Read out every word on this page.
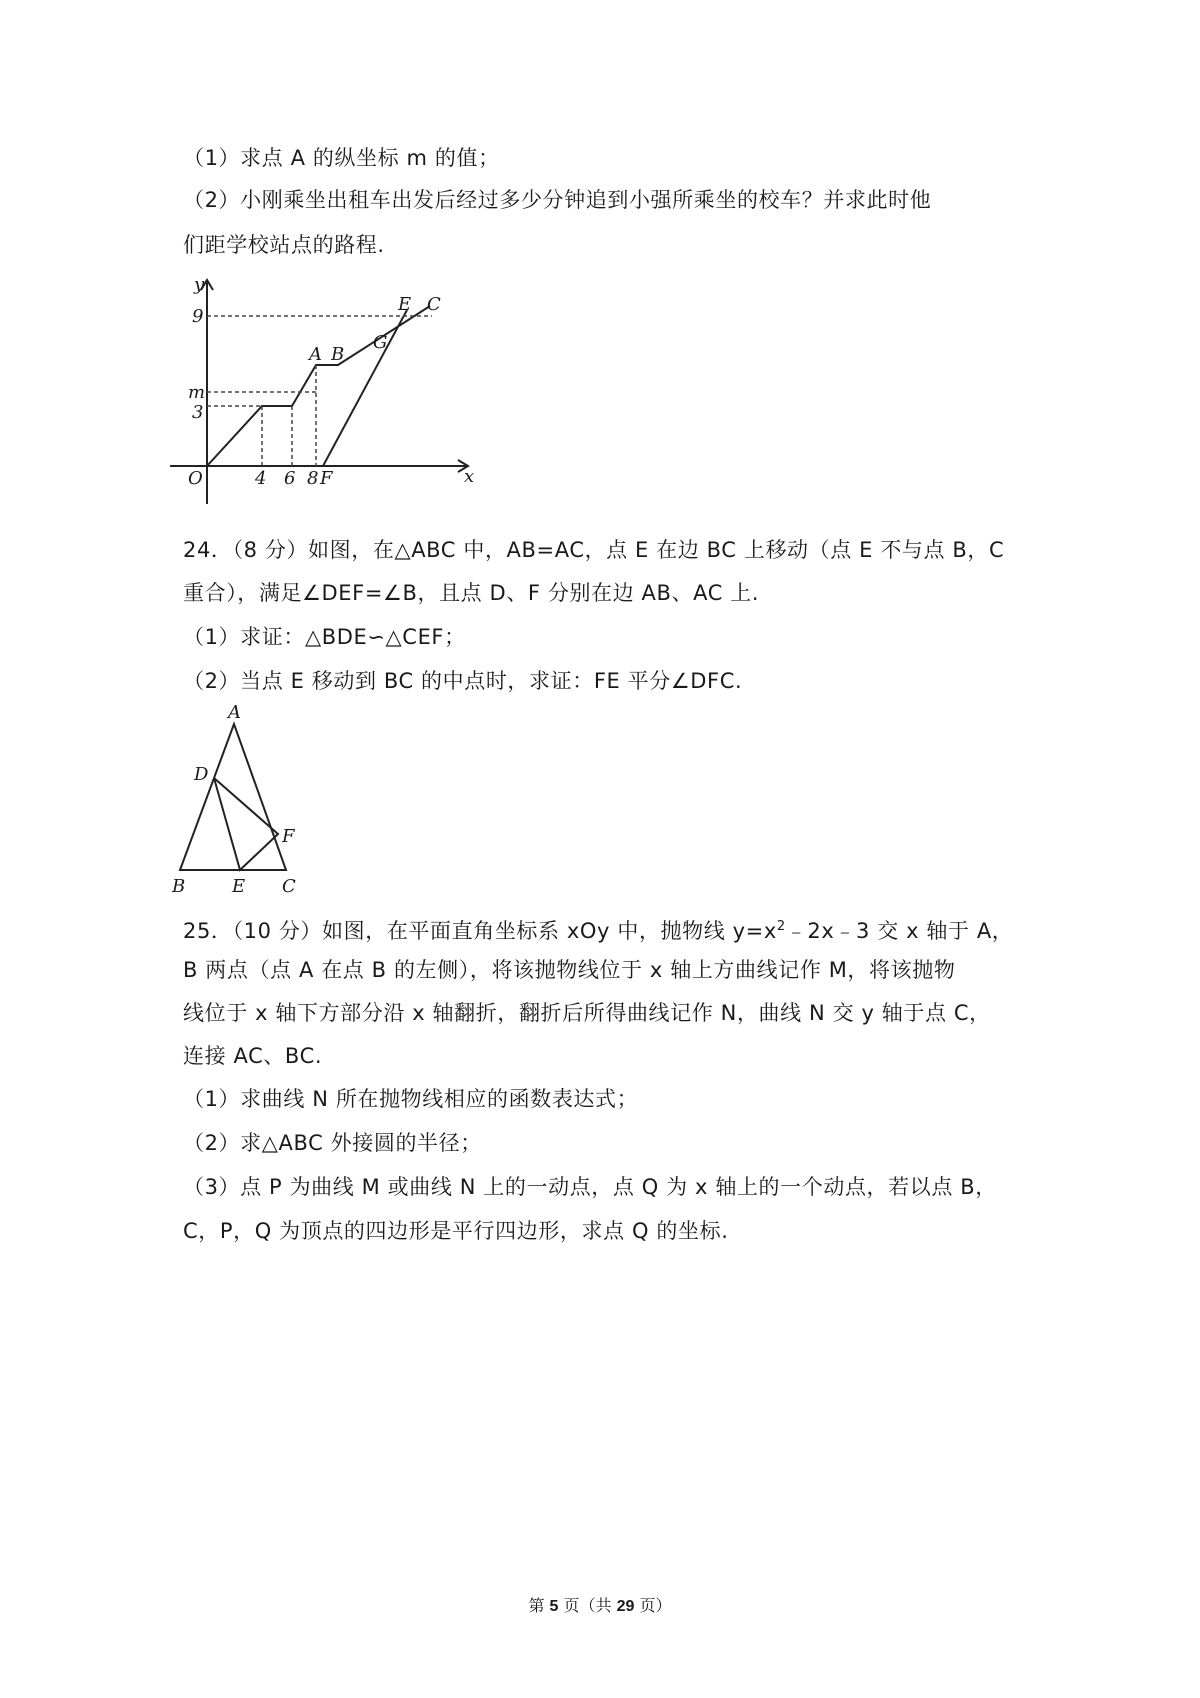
（1）求点 A 的纵坐标 m 的值；
（2）小刚乘坐出租车出发后经过多少分钟追到小强所乘坐的校车？并求此时他
们距学校站点的路程.
y
9
m
3
O	4 6 8 F	x
A B
G
E C
24．（8 分）如图，在△ABC 中，AB=AC，点 E 在边 BC 上移动（点 E 不与点 B，C
重合），满足∠DEF=∠B，且点 D、F 分别在边 AB、AC 上.
（1）求证：△BDE∽△CEF；
（2）当点 E 移动到 BC 的中点时，求证：FE 平分∠DFC.
A
D
F
B	E C
25．（10 分）如图，在平面直角坐标系 xOy 中，抛物线 $y=x^2﹣2x﹣3$ 交 x 轴于 A，
B 两点（点 A 在点 B 的左侧），将该抛物线位于 x 轴上方曲线记作 M，将该抛物
线位于 x 轴下方部分沿 x 轴翻折，翻折后所得曲线记作 N，曲线 N 交 y 轴于点 C，
连接 AC、BC.
（1）求曲线 N 所在抛物线相应的函数表达式；
（2）求△ABC 外接圆的半径；
（3）点 P 为曲线 M 或曲线 N 上的一动点，点 Q 为 x 轴上的一个动点，若以点 B，
C，P，Q 为顶点的四边形是平行四边形，求点 Q 的坐标.
第 5 页（共 29 页）
